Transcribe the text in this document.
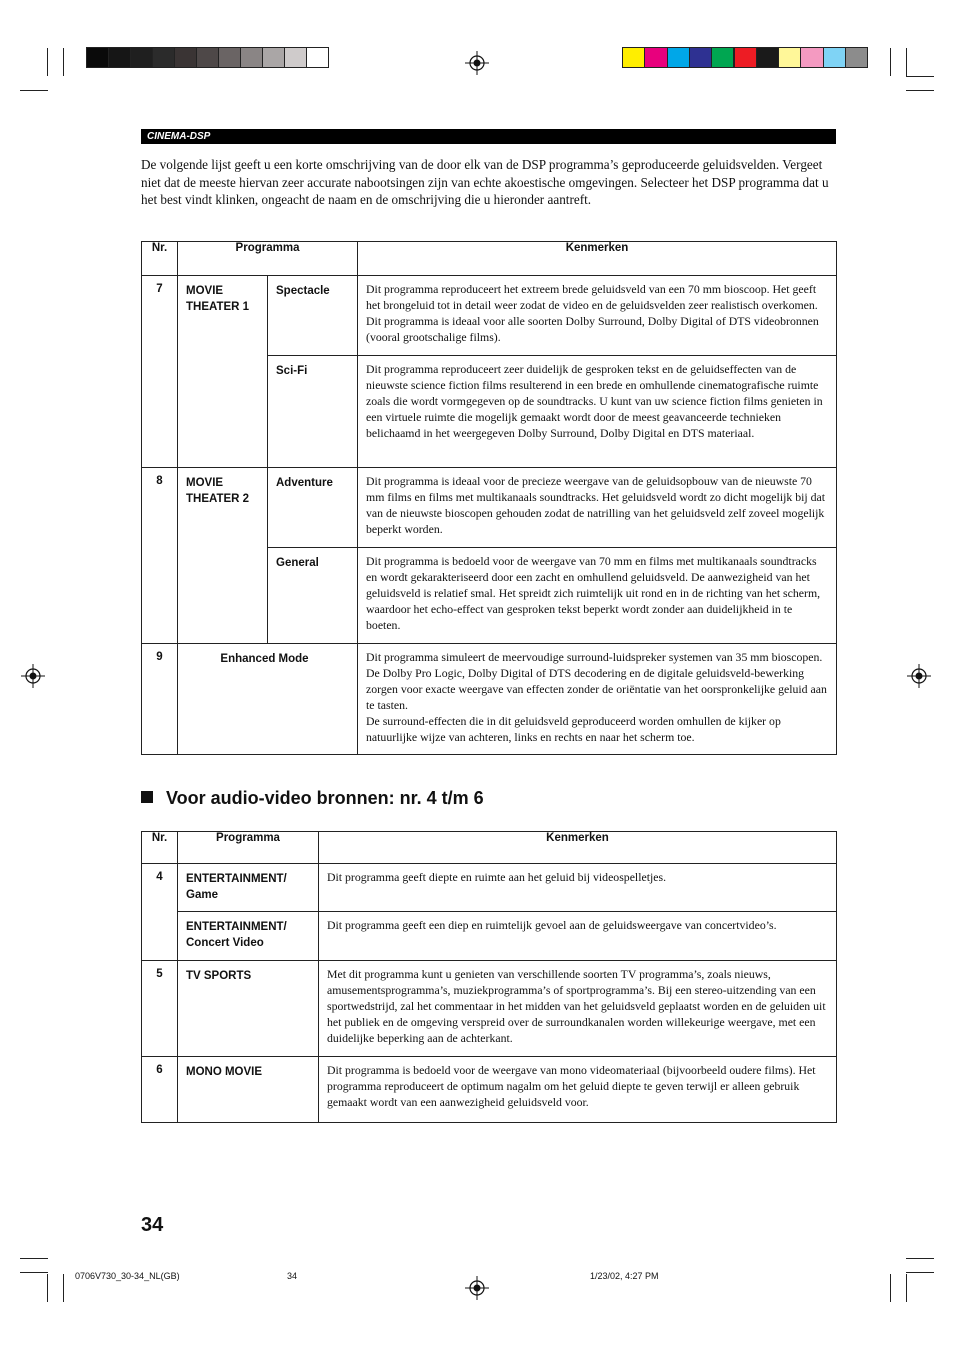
CINEMA-DSP
De volgende lijst geeft u een korte omschrijving van de door elk van de DSP programma’s geproduceerde geluidsvelden. Vergeet niet dat de meeste hiervan zeer accurate nabootsingen zijn van echte akoestische omgevingen. Selecteer het DSP programma dat u het best vindt klinken, ongeacht de naam en de omschrijving die u hieronder aantreft.
Nr.	Programma		Kenmerken
7	MOVIE THEATER 1	Spectacle	Dit programma reproduceert het extreem brede geluidsveld van een 70 mm bioscoop. Het geeft het brongeluid tot in detail weer zodat de video en de geluidsvelden zeer realistisch overkomen. Dit programma is ideaal voor alle soorten Dolby Surround, Dolby Digital of DTS videobronnen (vooral grootschalige films).
		Sci-Fi	Dit programma reproduceert zeer duidelijk de gesproken tekst en de geluidseffecten van de nieuwste science fiction films resulterend in een brede en omhullende cinematografische ruimte zoals die wordt vormgegeven op de soundtracks. U kunt van uw science fiction films genieten in een virtuele ruimte die mogelijk gemaakt wordt door de meest geavanceerde technieken belichaamd in het weergegeven Dolby Surround, Dolby Digital en DTS materiaal.
8	MOVIE THEATER 2	Adventure	Dit programma is ideaal voor de precieze weergave van de geluidsopbouw van de nieuwste 70 mm films en films met multikanaals soundtracks. Het geluidsveld wordt zo dicht mogelijk bij dat van de nieuwste bioscopen gehouden zodat de natrilling van het geluidsveld zelf zoveel mogelijk beperkt worden.
		General	Dit programma is bedoeld voor de weergave van 70 mm en films met multikanaals soundtracks en wordt gekarakteriseerd door een zacht en omhullend geluidsveld. De aanwezigheid van het geluidsveld is relatief smal. Het spreidt zich ruimtelijk uit rond en in de richting van het scherm, waardoor het echo-effect van gesproken tekst beperkt wordt zonder aan duidelijkheid in te boeten.
9	Enhanced Mode		Dit programma simuleert de meervoudige surround-luidspreker systemen van 35 mm bioscopen. De Dolby Pro Logic, Dolby Digital of DTS decodering en de digitale geluidsveld-bewerking zorgen voor exacte weergave van effecten zonder de oriëntatie van het oorspronkelijke geluid aan te tasten.
De surround-effecten die in dit geluidsveld geproduceerd worden omhullen de kijker op natuurlijke wijze van achteren, links en rechts en naar het scherm toe.
Voor audio-video bronnen: nr. 4 t/m 6
Nr.	Programma	Kenmerken
4	ENTERTAINMENT/ Game	Dit programma geeft diepte en ruimte aan het geluid bij videospelletjes.
	ENTERTAINMENT/ Concert Video	Dit programma geeft een diep en ruimtelijk gevoel aan de geluidsweergave van concertvideo’s.
5	TV SPORTS	Met dit programma kunt u genieten van verschillende soorten TV programma’s, zoals nieuws, amusementsprogramma’s, muziekprogramma’s of sportprogramma’s. Bij een stereo-uitzending van een sportwedstrijd, zal het commentaar in het midden van het geluidsveld geplaatst worden en de geluiden uit het publiek en de omgeving verspreid over de surroundkanalen worden willekeurige weergave, met een duidelijke beperking aan de achterkant.
6	MONO MOVIE	Dit programma is bedoeld voor de weergave van mono videomateriaal (bijvoorbeeld oudere films). Het programma reproduceert de optimum nagalm om het geluid diepte te geven terwijl er alleen gebruik gemaakt wordt van een aanwezigheid geluidsveld voor.
34
0706V730_30-34_NL(GB)	34	1/23/02, 4:27 PM
